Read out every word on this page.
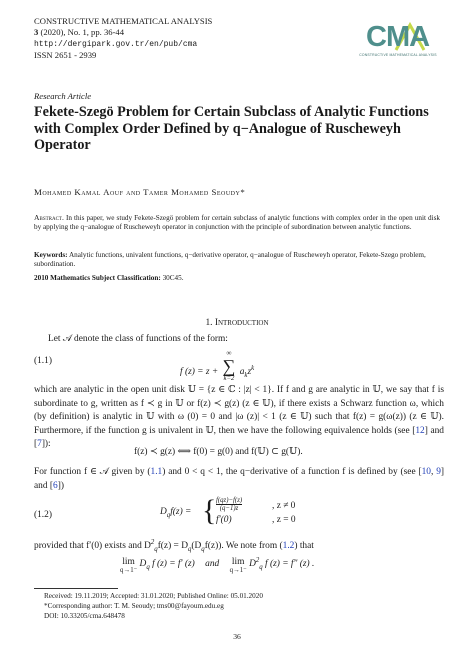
CONSTRUCTIVE MATHEMATICAL ANALYSIS
3 (2020), No. 1, pp. 36-44
http://dergipark.gov.tr/en/pub/cma
ISSN 2651 - 2939
CMA
CONSTRUCTIVE MATHEMATICAL ANALYSIS
Research Article
Fekete-Szegö Problem for Certain Subclass of Analytic Functions with Complex Order Defined by q−Analogue of Ruscheweyh Operator
Mohamed Kamal Aouf and Tamer Mohamed Seoudy*
Abstract. In this paper, we study Fekete-Szegö problem for certain subclass of analytic functions with complex order in the open unit disk by applying the q−analogue of Ruscheweyh operator in conjunction with the principle of subordination between analytic functions.
Keywords: Analytic functions, univalent functions, q−derivative operator, q−analogue of Ruscheweyh operator, Fekete-Szego problem, subordination.
2010 Mathematics Subject Classification: 30C45.
1. Introduction
Let 𝒜 denote the class of functions of the form:
(1.1)
f (z) = z +
∞
∑
k=2
$a_kz^k$
which are analytic in the open unit disk 𝕌 = {z ∈ ℂ : |z| < 1}. If f and g are analytic in 𝕌, we say that f is subordinate to g, written as f ≺ g in 𝕌 or f(z) ≺ g(z) (z ∈ 𝕌), if there exists a Schwarz function ω, which (by definition) is analytic in 𝕌 with ω (0) = 0 and |ω (z)| < 1 (z ∈ 𝕌) such that f(z) = g(ω(z)) (z ∈ 𝕌). Furthermore, if the function g is univalent in 𝕌, then we have the following equivalence holds (see [12] and [7]):
f(z) ≺ g(z) ⟺ f(0) = g(0) and f(𝕌) ⊂ g(𝕌).
For function f ∈ 𝒜 given by (1.1) and 0 < q < 1, the q−derivative of a function f is defined by (see [10, 9] and [6])
(1.2)	$D_qf(z)$ = { $\frac{f(qz)-f(z)}{(q-1)z}$	, z ≠ 0
f′(0)	, z = 0
provided that f′(0) exists and $D^2_qf(z) = D_q(D_qf(z))$. We note from (1.2) that
lim
q→1⁻
$D_q$ f (z) = f′ (z) and lim
q→1⁻
$D^2_q$ f (z) = f″ (z) .
Received: 19.11.2019; Accepted: 31.01.2020; Published Online: 05.01.2020
*Corresponding author: T. M. Seoudy; tms00@fayoum.edu.eg
DOI: 10.33205/cma.648478
36
